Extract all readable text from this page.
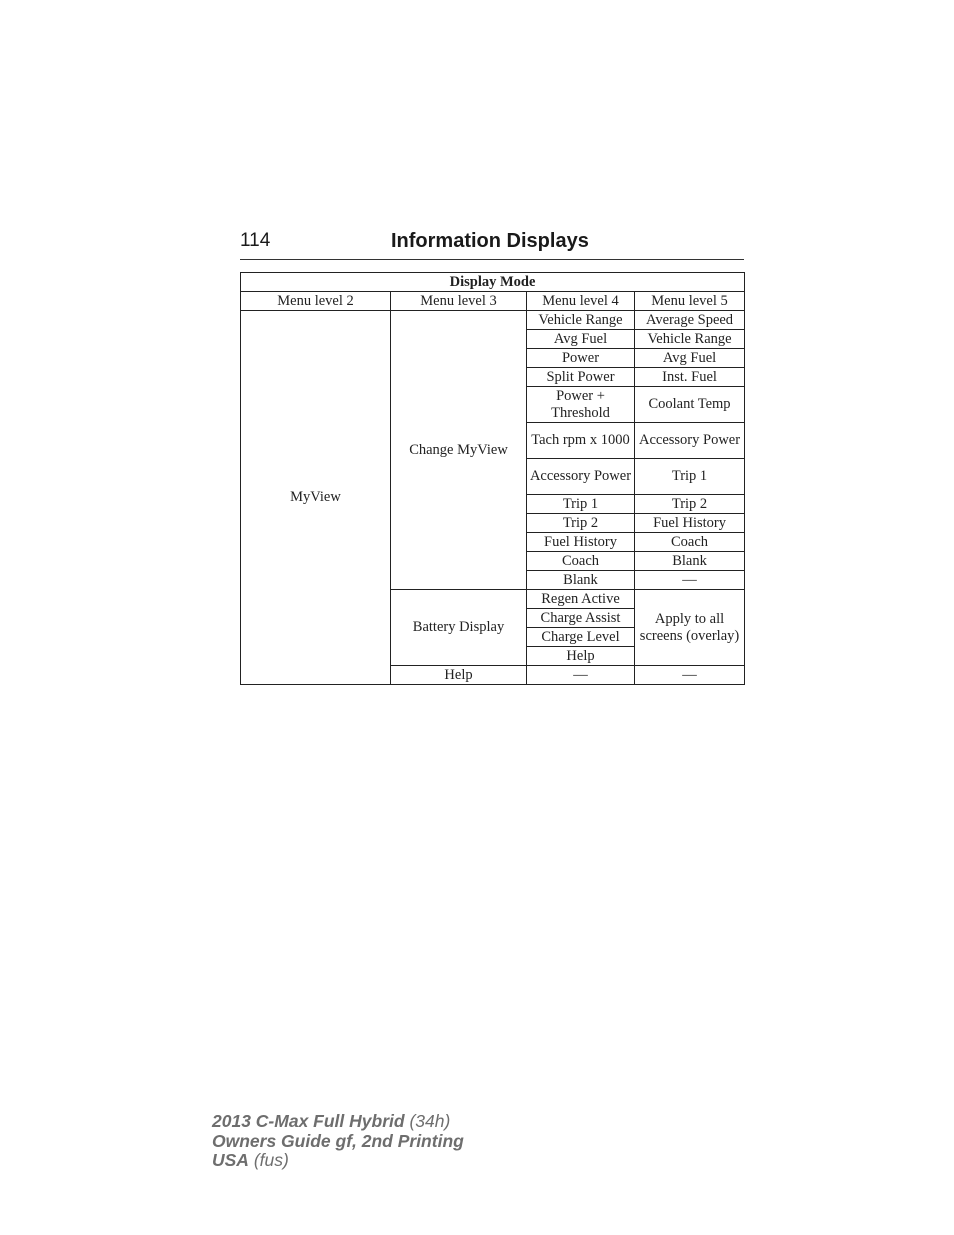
114	Information Displays
Display Mode			
Menu level 2	Menu level 3	Menu level 4	Menu level 5
MyView	Change MyView	Vehicle Range	Average Speed
		Avg Fuel	Vehicle Range
		Power	Avg Fuel
		Split Power	Inst. Fuel
		Power + Threshold	Coolant Temp
		Tach rpm x 1000	Accessory Power
		Accessory Power	Trip 1
		Trip 1	Trip 2
		Trip 2	Fuel History
		Fuel History	Coach
		Coach	Blank
		Blank	—
	Battery Display	Regen Active	Apply to all screens (overlay)
		Charge Assist	
		Charge Level	
		Help	
	Help	—	—
2013 C-Max Full Hybrid (34h)
Owners Guide gf, 2nd Printing
USA (fus)
